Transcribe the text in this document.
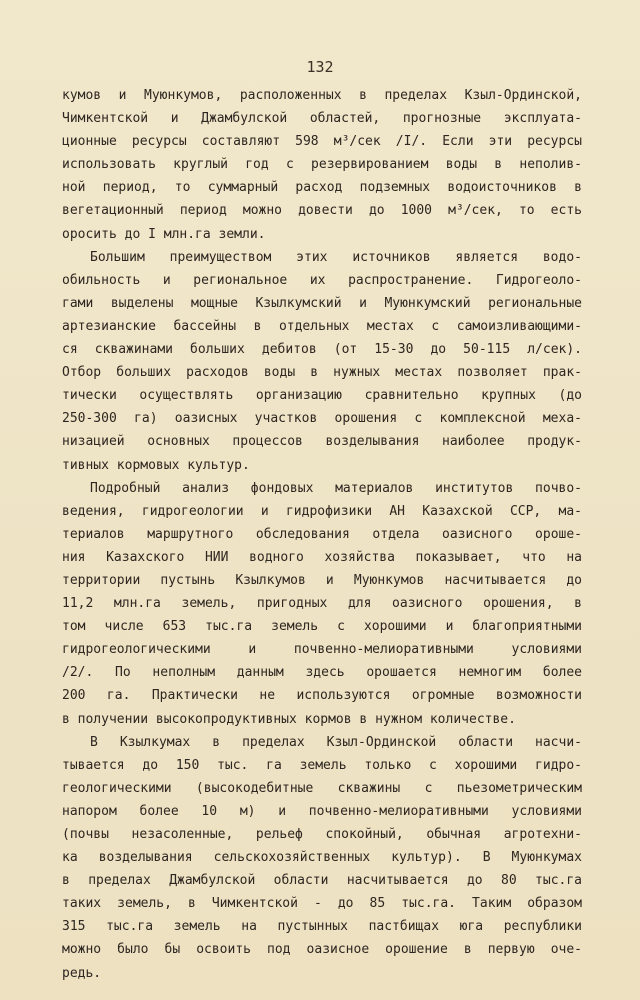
132
кумов и Муюнкумов, расположенных в пределах Кзыл-Ординской,
Чимкентской и Джамбулской областей, прогнозные эксплуата-
ционные ресурсы составляют 598 м³/сек /I/. Если эти ресурсы
использовать круглый год с резервированием воды в неполив-
ной период, то суммарный расход подземных водоисточников в
вегетационный период можно довести до 1000 м³/сек, то есть
оросить до I млн.га земли.
Большим преимуществом этих источников является водо-
обильность и региональное их распространение. Гидрогеоло-
гами выделены мощные Кзылкумский и Муюнкумский региональные
артезианские бассейны в отдельных местах с самоизливающими-
ся скважинами больших дебитов (от 15-30 до 50-115 л/сек).
Отбор больших расходов воды в нужных местах позволяет прак-
тически осуществлять организацию сравнительно крупных (до
250-300 га) оазисных участков орошения с комплексной меха-
низацией основных процессов возделывания наиболее продук-
тивных кормовых культур.
Подробный анализ фондовых материалов институтов почво-
ведения, гидрогеологии и гидрофизики АН Казахской ССР, ма-
териалов маршрутного обследования отдела оазисного ороше-
ния Казахского НИИ водного хозяйства показывает, что на
территории пустынь Кзылкумов и Муюнкумов насчитывается до
11,2 млн.га земель, пригодных для оазисного орошения, в
том числе 653 тыс.га земель с хорошими и благоприятными
гидрогеологическими и почвенно-мелиоративными условиями
/2/. По неполным данным здесь орошается немногим более
200 га. Практически не используются огромные возможности
в получении высокопродуктивных кормов в нужном количестве.
В Кзылкумах в пределах Кзыл-Ординской области насчи-
тывается до 150 тыс. га земель только с хорошими гидро-
геологическими (высокодебитные скважины с пьезометрическим
напором более 10 м) и почвенно-мелиоративными условиями
(почвы незасоленные, рельеф спокойный, обычная агротехни-
ка возделывания сельскохозяйственных культур). В Муюнкумах
в пределах Джамбулской области насчитывается до 80 тыс.га
таких земель, в Чимкентской - до 85 тыс.га. Таким образом
315 тыс.га земель на пустынных пастбищах юга республики
можно было бы освоить под оазисное орошение в первую оче-
редь.
